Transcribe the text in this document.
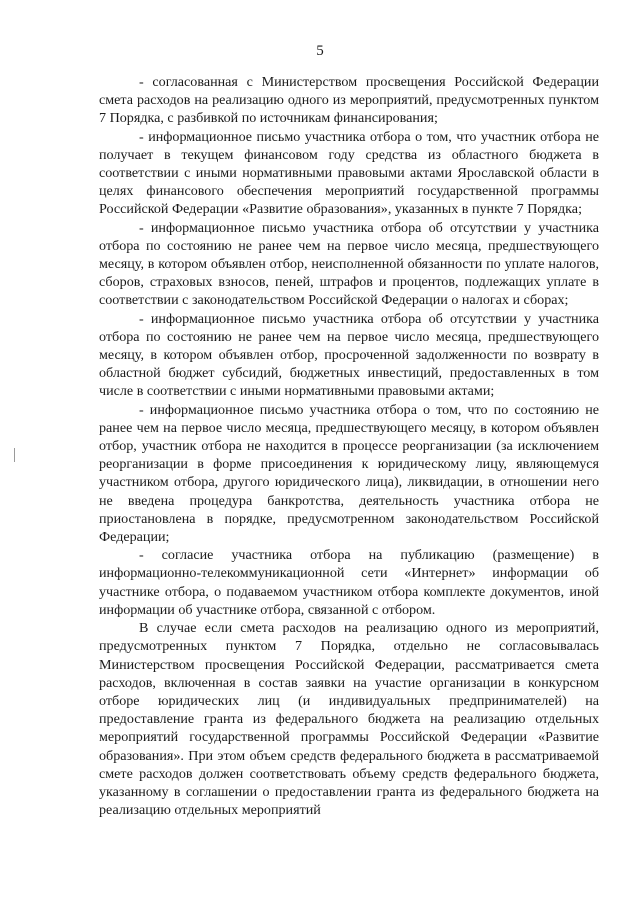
5

- согласованная с Министерством просвещения Российской Федерации смета расходов на реализацию одного из мероприятий, предусмотренных пунктом 7 Порядка, с разбивкой по источникам финансирования;

- информационное письмо участника отбора о том, что участник отбора не получает в текущем финансовом году средства из областного бюджета в соответствии с иными нормативными правовыми актами Ярославской области в целях финансового обеспечения мероприятий государственной программы Российской Федерации «Развитие образования», указанных в пункте 7 Порядка;

- информационное письмо участника отбора об отсутствии у участника отбора по состоянию не ранее чем на первое число месяца, предшествующего месяцу, в котором объявлен отбор, неисполненной обязанности по уплате налогов, сборов, страховых взносов, пеней, штрафов и процентов, подлежащих уплате в соответствии с законодательством Российской Федерации о налогах и сборах;

- информационное письмо участника отбора об отсутствии у участника отбора по состоянию не ранее чем на первое число месяца, предшествующего месяцу, в котором объявлен отбор, просроченной задолженности по возврату в областной бюджет субсидий, бюджетных инвестиций, предоставленных в том числе в соответствии с иными нормативными правовыми актами;

- информационное письмо участника отбора о том, что по состоянию не ранее чем на первое число месяца, предшествующего месяцу, в котором объявлен отбор, участник отбора не находится в процессе реорганизации (за исключением реорганизации в форме присоединения к юридическому лицу, являющемуся участником отбора, другого юридического лица), ликвидации, в отношении него не введена процедура банкротства, деятельность участника отбора не приостановлена в порядке, предусмотренном законодательством Российской Федерации;

- согласие участника отбора на публикацию (размещение) в информационно-телекоммуникационной сети «Интернет» информации об участнике отбора, о подаваемом участником отбора комплекте документов, иной информации об участнике отбора, связанной с отбором.

В случае если смета расходов на реализацию одного из мероприятий, предусмотренных пунктом 7 Порядка, отдельно не согласовывалась Министерством просвещения Российской Федерации, рассматривается смета расходов, включенная в состав заявки на участие организации в конкурсном отборе юридических лиц (и индивидуальных предпринимателей) на предоставление гранта из федерального бюджета на реализацию отдельных мероприятий государственной программы Российской Федерации «Развитие образования». При этом объем средств федерального бюджета в рассматриваемой смете расходов должен соответствовать объему средств федерального бюджета, указанному в соглашении о предоставлении гранта из федерального бюджета на реализацию отдельных мероприятий
